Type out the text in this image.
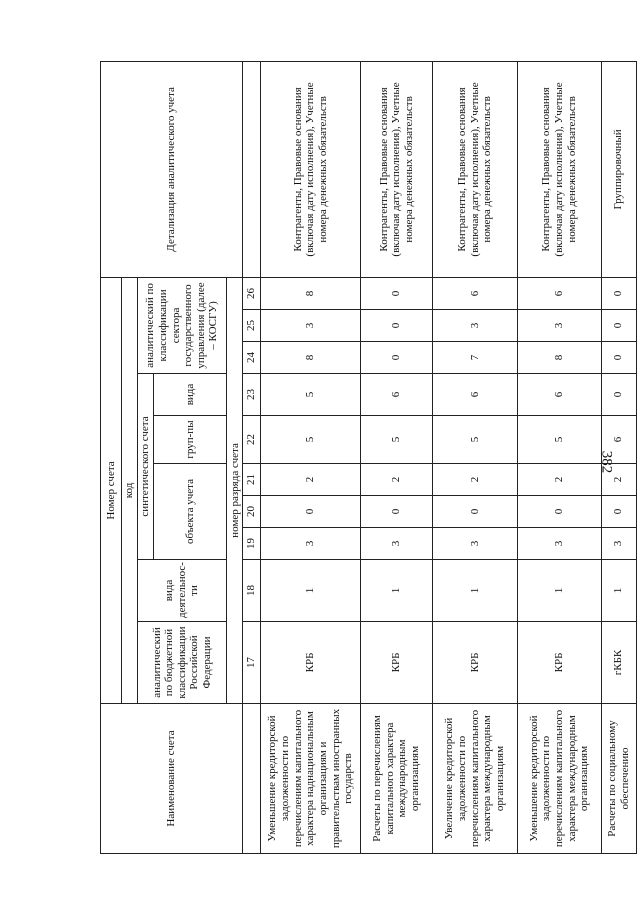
382
Наименование счета	Номер счета										Детализация аналитического учета
	код										
	аналитический по бюджетной классификации Российской Федерации	вида деятельнос-ти	синтетического счета					аналитический по классификации сектора государственного управления (далее – КОСГУ)			
			объекта учета			груп-пы	вида				
	номер разряда счета										
	17	18	19	20	21	22	23	24	25	26	
Уменьшение кредиторской задолженности по перечислениям капитального характера наднациональным организациям и правительствам иностранных государств	КРБ	1	3	0	2	5	5	8	3	8	Контрагенты, Правовые основания (включая дату исполнения), Учетные номера денежных обязательств
Расчеты по перечислениям капитального характера международным организациям	КРБ	1	3	0	2	5	6	0	0	0	Контрагенты, Правовые основания (включая дату исполнения), Учетные номера денежных обязательств
Увеличение кредиторской задолженности по перечислениям капитального характера международным организациям	КРБ	1	3	0	2	5	6	7	3	6	Контрагенты, Правовые основания (включая дату исполнения), Учетные номера денежных обязательств
Уменьшение кредиторской задолженности по перечислениям капитального характера международным организациям	КРБ	1	3	0	2	5	6	8	3	6	Контрагенты, Правовые основания (включая дату исполнения), Учетные номера денежных обязательств
Расчеты по социальному обеспечению	гКБК	1	3	0	2	6	0	0	0	0	Группировочный
